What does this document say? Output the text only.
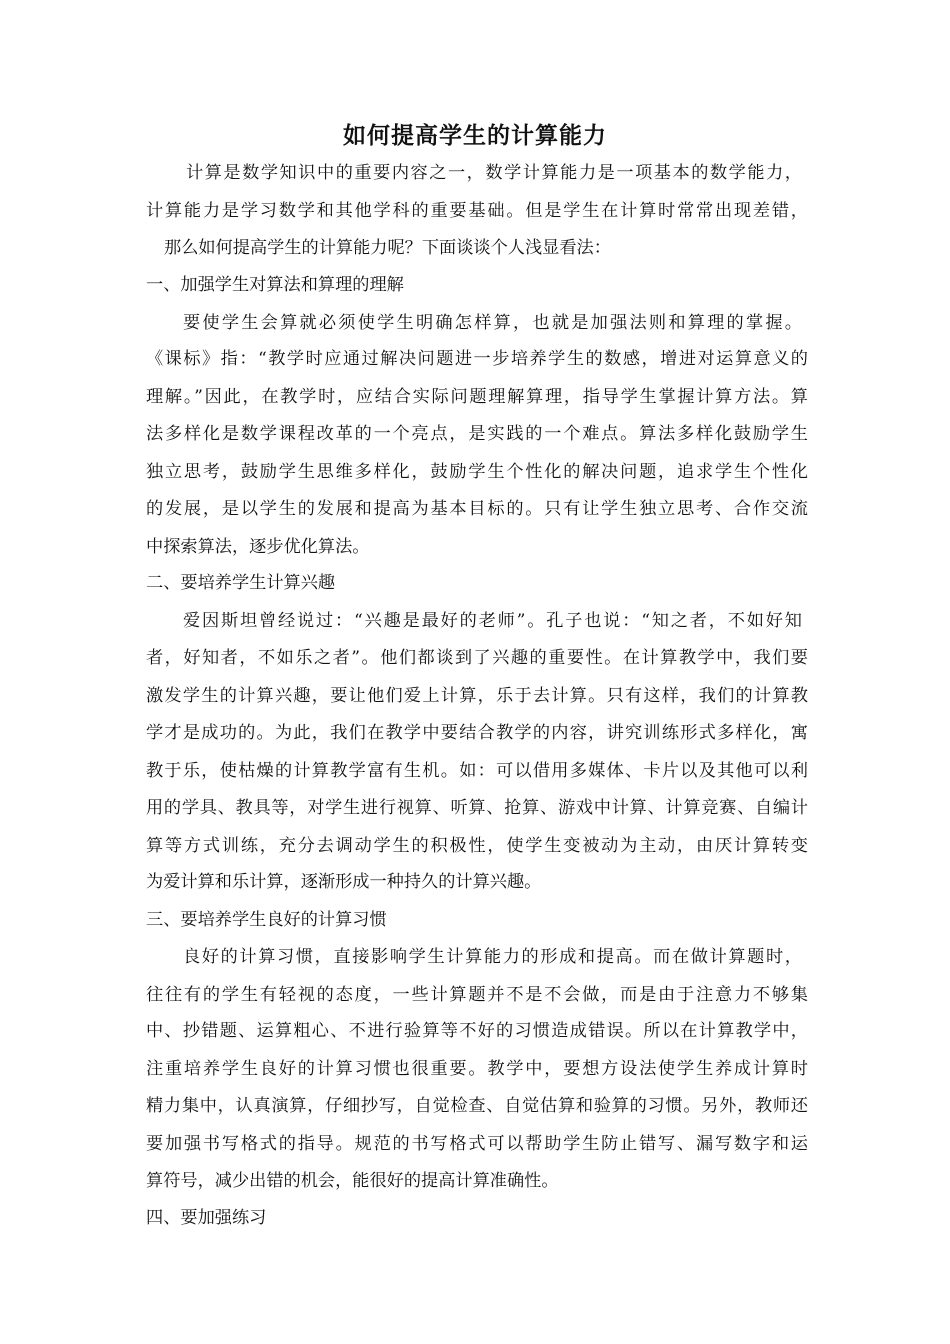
如何提高学生的计算能力
计算是数学知识中的重要内容之一，数学计算能力是一项基本的数学能力，
计算能力是学习数学和其他学科的重要基础。但是学生在计算时常常出现差错，
那么如何提高学生的计算能力呢？下面谈谈个人浅显看法：
一、加强学生对算法和算理的理解
要使学生会算就必须使学生明确怎样算，也就是加强法则和算理的掌握。
《课标》指：“教学时应通过解决问题进一步培养学生的数感，增进对运算意义的
理解。”因此，在教学时，应结合实际问题理解算理，指导学生掌握计算方法。算
法多样化是数学课程改革的一个亮点，是实践的一个难点。算法多样化鼓励学生
独立思考，鼓励学生思维多样化，鼓励学生个性化的解决问题，追求学生个性化
的发展，是以学生的发展和提高为基本目标的。只有让学生独立思考、合作交流
中探索算法，逐步优化算法。
二、要培养学生计算兴趣
爱因斯坦曾经说过：“兴趣是最好的老师”。孔子也说：“知之者，不如好知
者，好知者，不如乐之者”。他们都谈到了兴趣的重要性。在计算教学中，我们要
激发学生的计算兴趣，要让他们爱上计算，乐于去计算。只有这样，我们的计算教
学才是成功的。为此，我们在教学中要结合教学的内容，讲究训练形式多样化，寓
教于乐，使枯燥的计算教学富有生机。如：可以借用多媒体、卡片以及其他可以利
用的学具、教具等，对学生进行视算、听算、抢算、游戏中计算、计算竞赛、自编计
算等方式训练，充分去调动学生的积极性，使学生变被动为主动，由厌计算转变
为爱计算和乐计算，逐渐形成一种持久的计算兴趣。
三、要培养学生良好的计算习惯
良好的计算习惯，直接影响学生计算能力的形成和提高。而在做计算题时，
往往有的学生有轻视的态度，一些计算题并不是不会做，而是由于注意力不够集
中、抄错题、运算粗心、不进行验算等不好的习惯造成错误。所以在计算教学中，
注重培养学生良好的计算习惯也很重要。教学中，要想方设法使学生养成计算时
精力集中，认真演算，仔细抄写，自觉检查、自觉估算和验算的习惯。另外，教师还
要加强书写格式的指导。规范的书写格式可以帮助学生防止错写、漏写数字和运
算符号，减少出错的机会，能很好的提高计算准确性。
四、要加强练习
